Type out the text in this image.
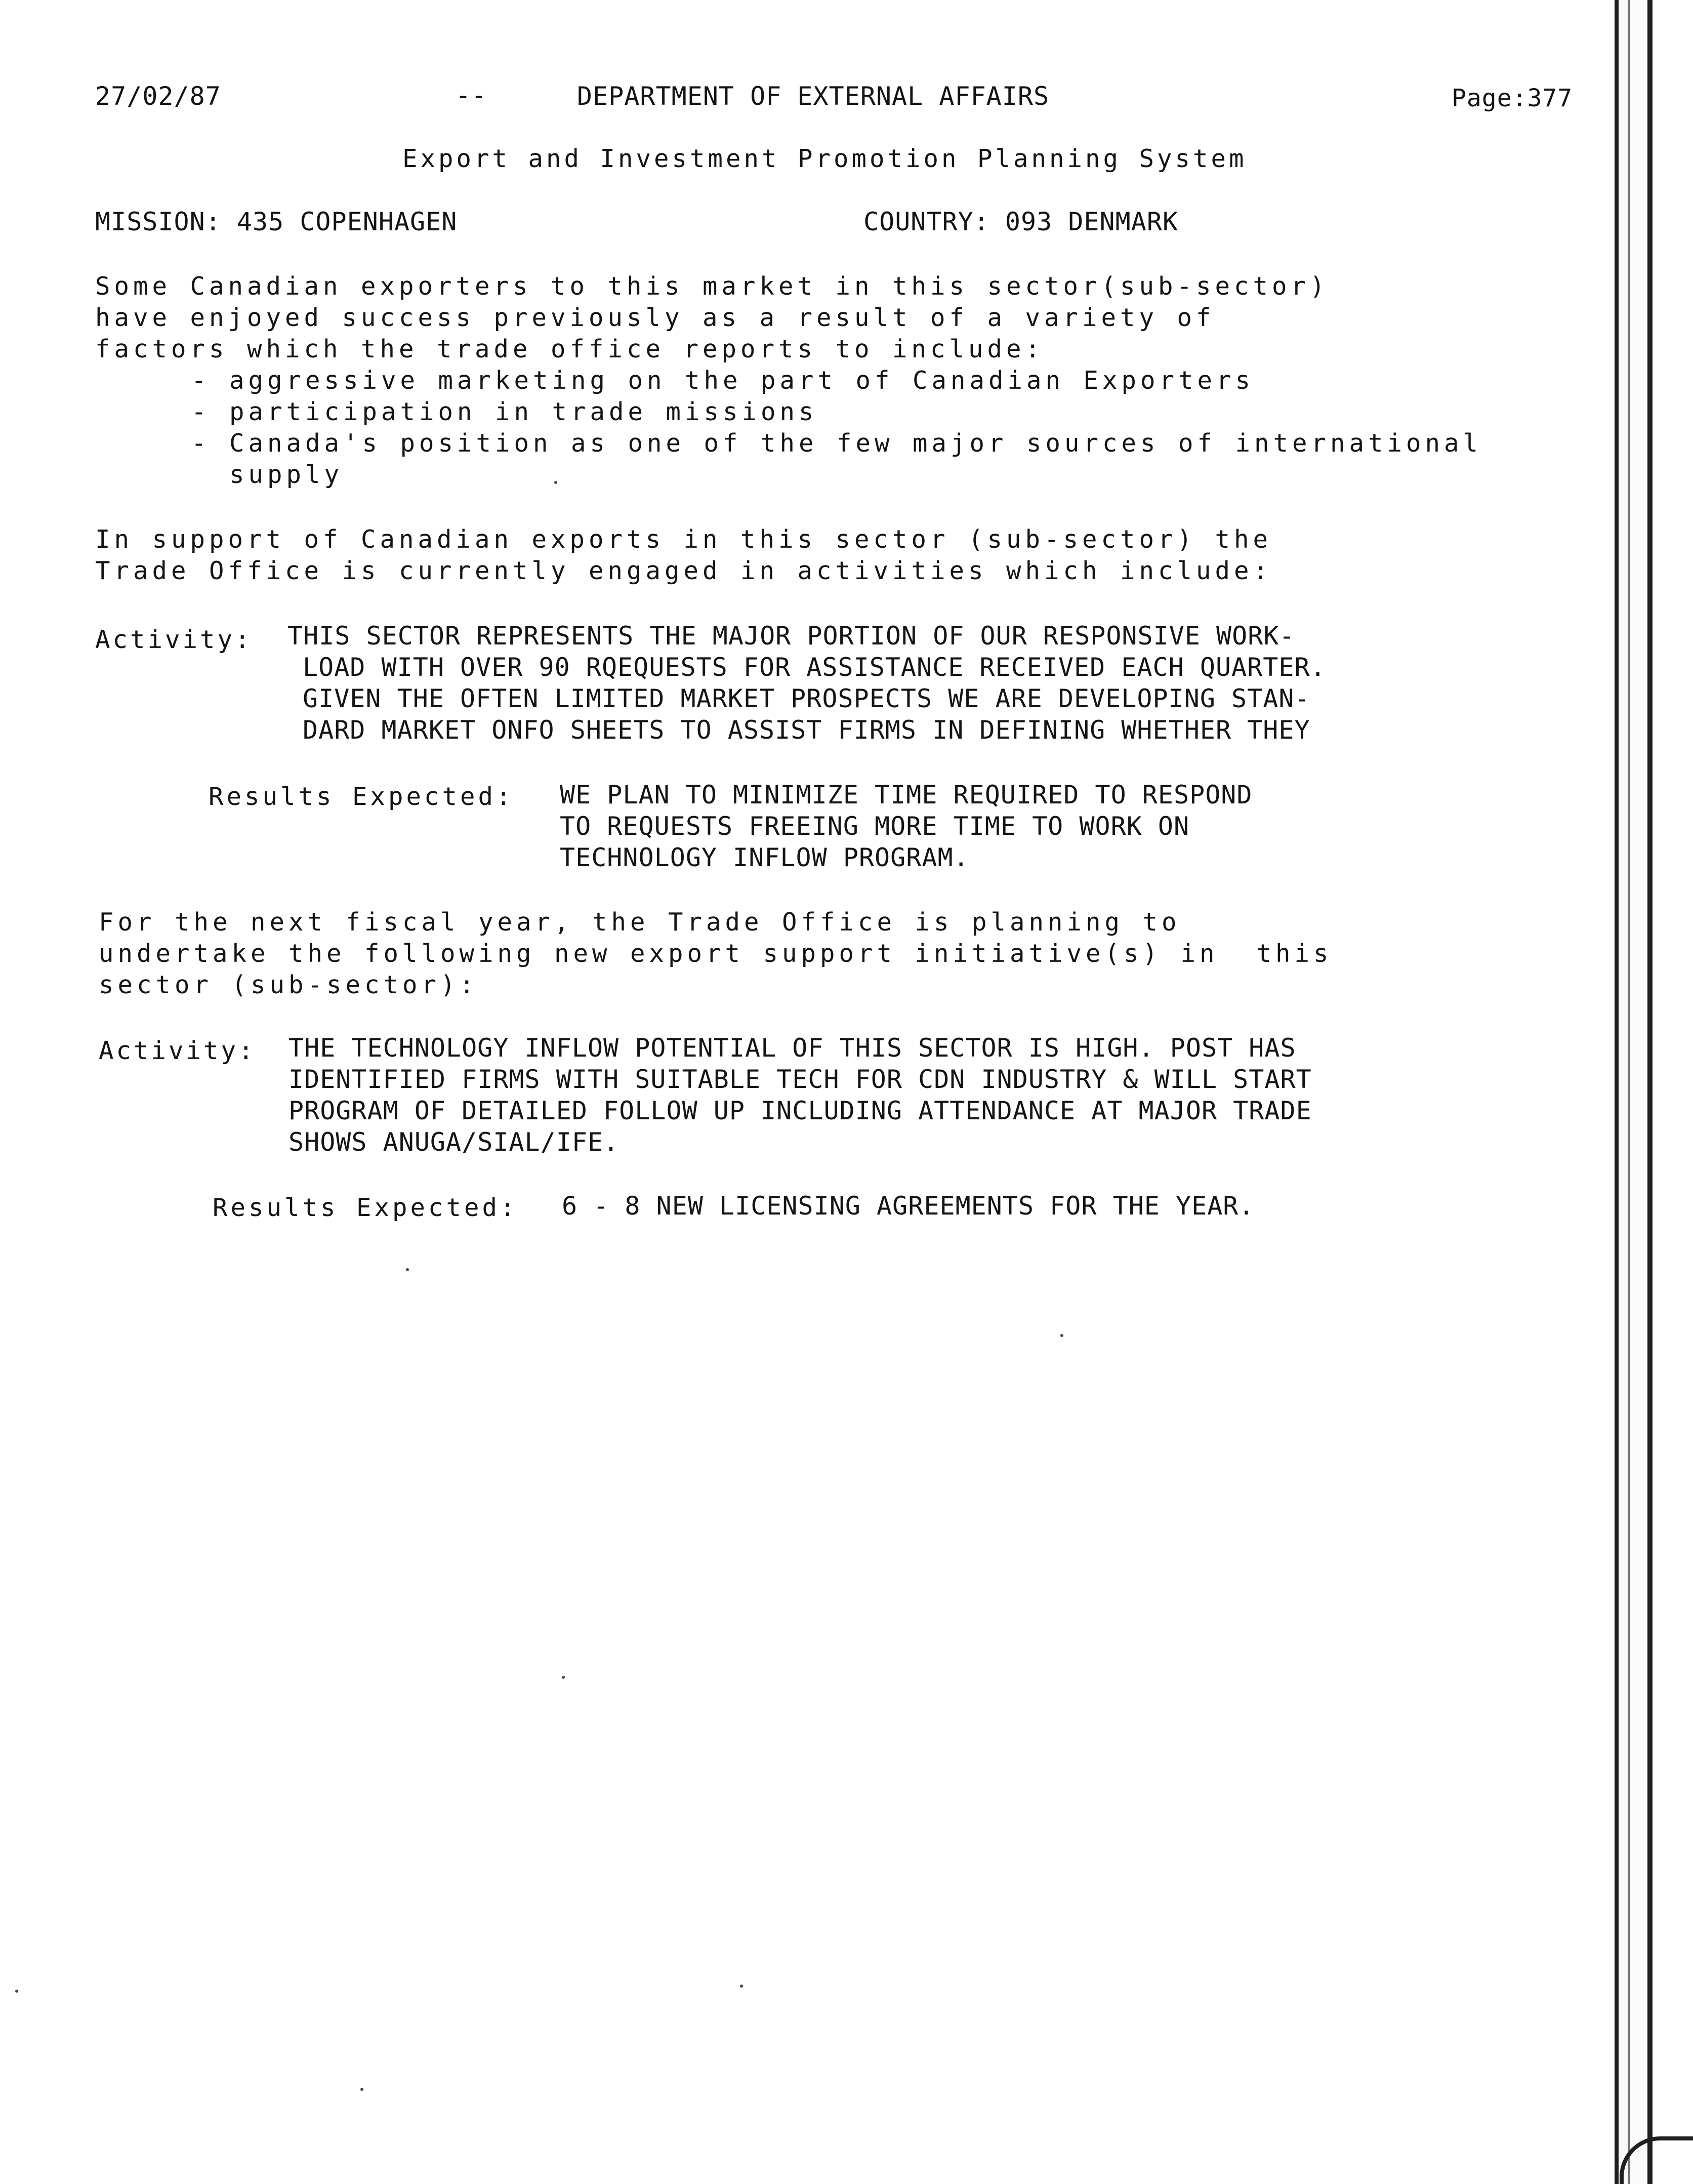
27/02/87	--	DEPARTMENT OF EXTERNAL AFFAIRS	Page:377
Export and Investment Promotion Planning System
MISSION: 435 COPENHAGEN	COUNTRY: 093 DENMARK
Some Canadian exporters to this market in this sector(sub-sector)
have enjoyed success previously as a result of a variety of
factors which the trade office reports to include:
- aggressive marketing on the part of Canadian Exporters
- participation in trade missions
- Canada's position as one of the few major sources of international
supply
In support of Canadian exports in this sector (sub-sector) the
Trade Office is currently engaged in activities which include:
Activity: THIS SECTOR REPRESENTS THE MAJOR PORTION OF OUR RESPONSIVE WORK-
LOAD WITH OVER 90 RQEQUESTS FOR ASSISTANCE RECEIVED EACH QUARTER.
GIVEN THE OFTEN LIMITED MARKET PROSPECTS WE ARE DEVELOPING STAN-
DARD MARKET ONFO SHEETS TO ASSIST FIRMS IN DEFINING WHETHER THEY
Results Expected: WE PLAN TO MINIMIZE TIME REQUIRED TO RESPOND
TO REQUESTS FREEING MORE TIME TO WORK ON
TECHNOLOGY INFLOW PROGRAM.
For the next fiscal year, the Trade Office is planning to
undertake the following new export support initiative(s) in  this
sector (sub-sector):
Activity: THE TECHNOLOGY INFLOW POTENTIAL OF THIS SECTOR IS HIGH. POST HAS
IDENTIFIED FIRMS WITH SUITABLE TECH FOR CDN INDUSTRY & WILL START
PROGRAM OF DETAILED FOLLOW UP INCLUDING ATTENDANCE AT MAJOR TRADE
SHOWS ANUGA/SIAL/IFE.
Results Expected: 6 - 8 NEW LICENSING AGREEMENTS FOR THE YEAR.
